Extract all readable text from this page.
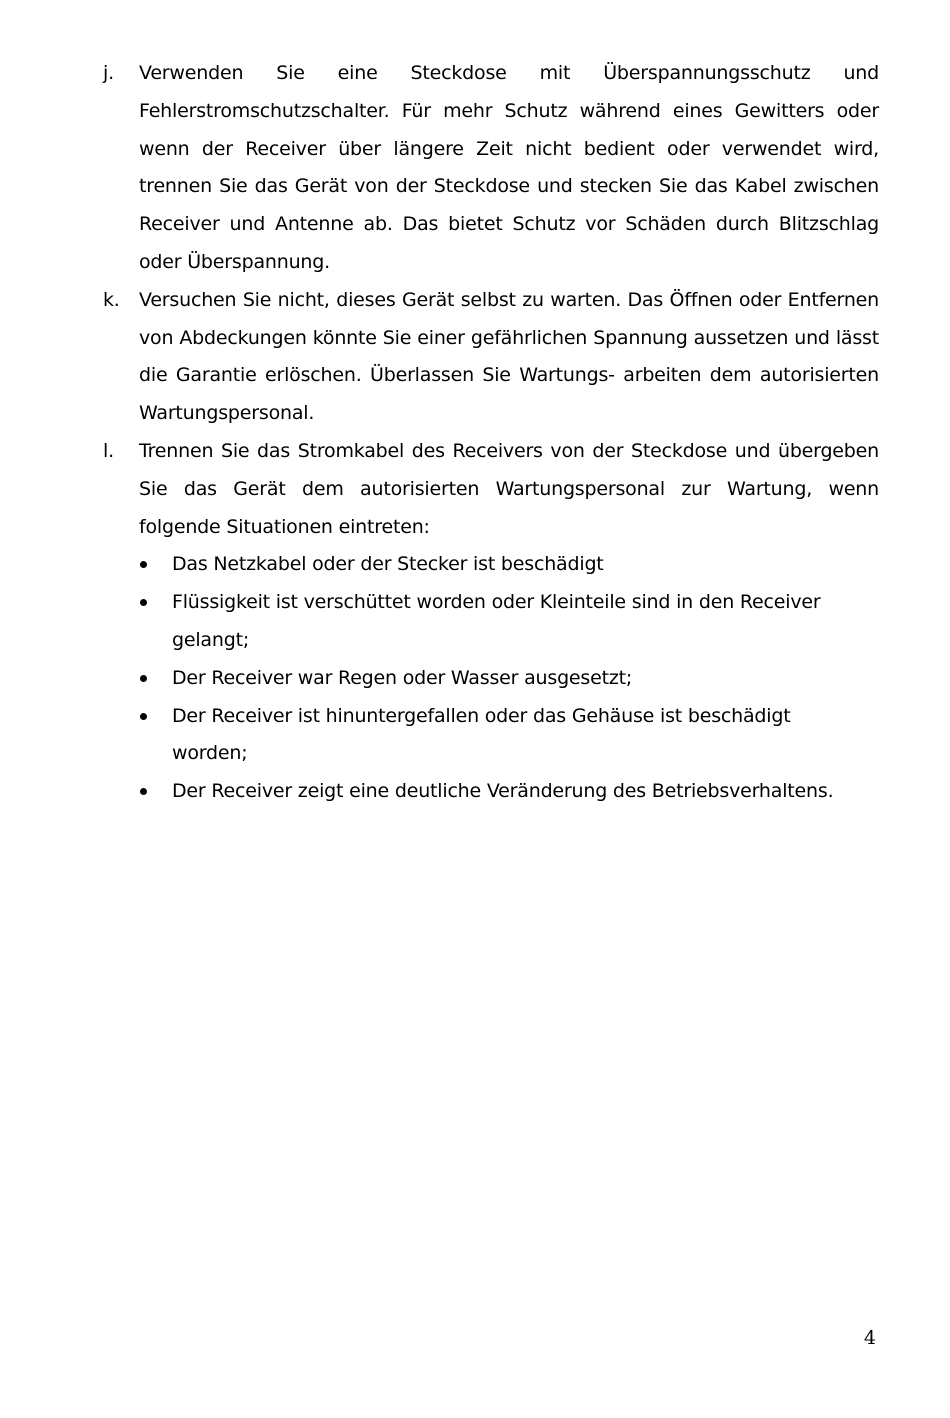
j.	Verwenden Sie eine Steckdose mit Überspannungsschutz und Fehlerstromschutzschalter. Für mehr Schutz während eines Gewitters oder wenn der Receiver über längere Zeit nicht bedient oder verwendet wird, trennen Sie das Gerät von der Steckdose und stecken Sie das Kabel zwischen Receiver und Antenne ab. Das bietet Schutz vor Schäden durch Blitzschlag oder Überspannung.

k.	Versuchen Sie nicht, dieses Gerät selbst zu warten. Das Öffnen oder Entfernen von Abdeckungen könnte Sie einer gefährlichen Spannung aussetzen und lässt die Garantie erlöschen. Überlassen Sie Wartungs- arbeiten dem autorisierten Wartungspersonal.

l.	Trennen Sie das Stromkabel des Receivers von der Steckdose und übergeben Sie das Gerät dem autorisierten Wartungspersonal zur Wartung, wenn folgende Situationen eintreten:

Das Netzkabel oder der Stecker ist beschädigt
Flüssigkeit ist verschüttet worden oder Kleinteile sind in den Receiver gelangt;
Der Receiver war Regen oder Wasser ausgesetzt;
Der Receiver ist hinuntergefallen oder das Gehäuse ist beschädigt worden;
Der Receiver zeigt eine deutliche Veränderung des Betriebsverhaltens.
4
